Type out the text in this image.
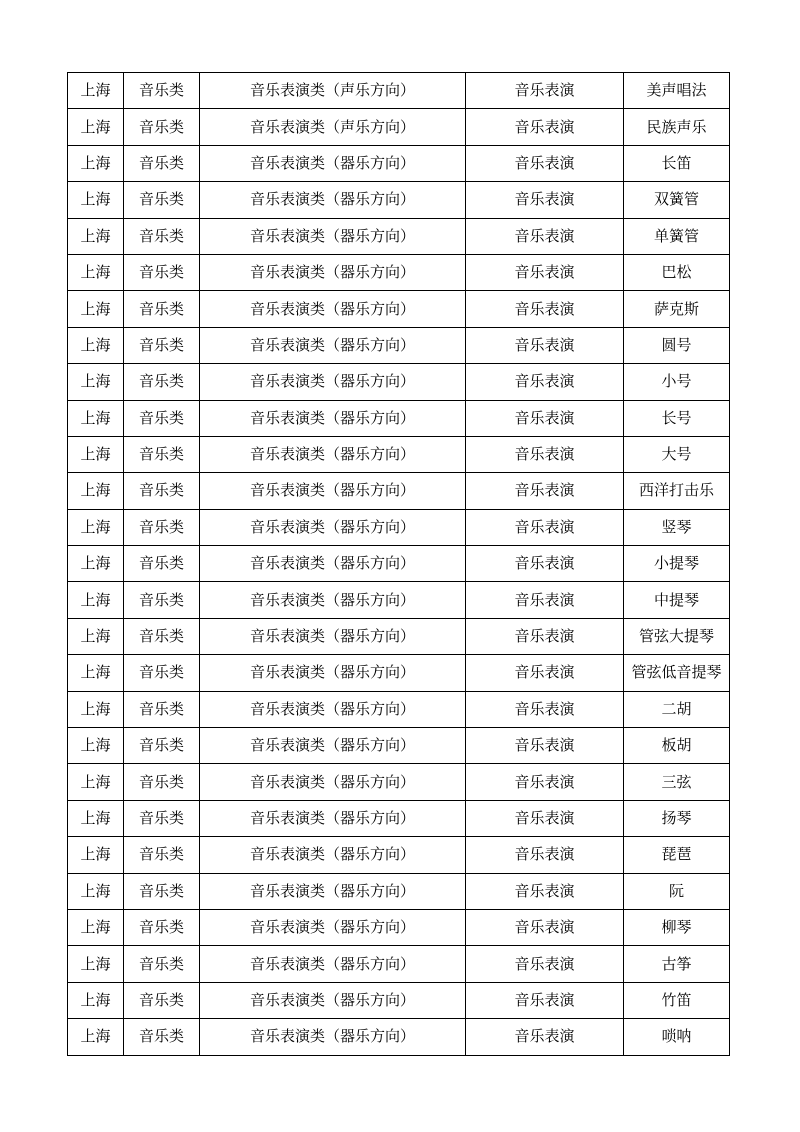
上海	音乐类	音乐表演类（声乐方向）	音乐表演	美声唱法
上海	音乐类	音乐表演类（声乐方向）	音乐表演	民族声乐
上海	音乐类	音乐表演类（器乐方向）	音乐表演	长笛
上海	音乐类	音乐表演类（器乐方向）	音乐表演	双簧管
上海	音乐类	音乐表演类（器乐方向）	音乐表演	单簧管
上海	音乐类	音乐表演类（器乐方向）	音乐表演	巴松
上海	音乐类	音乐表演类（器乐方向）	音乐表演	萨克斯
上海	音乐类	音乐表演类（器乐方向）	音乐表演	圆号
上海	音乐类	音乐表演类（器乐方向）	音乐表演	小号
上海	音乐类	音乐表演类（器乐方向）	音乐表演	长号
上海	音乐类	音乐表演类（器乐方向）	音乐表演	大号
上海	音乐类	音乐表演类（器乐方向）	音乐表演	西洋打击乐
上海	音乐类	音乐表演类（器乐方向）	音乐表演	竖琴
上海	音乐类	音乐表演类（器乐方向）	音乐表演	小提琴
上海	音乐类	音乐表演类（器乐方向）	音乐表演	中提琴
上海	音乐类	音乐表演类（器乐方向）	音乐表演	管弦大提琴
上海	音乐类	音乐表演类（器乐方向）	音乐表演	管弦低音提琴
上海	音乐类	音乐表演类（器乐方向）	音乐表演	二胡
上海	音乐类	音乐表演类（器乐方向）	音乐表演	板胡
上海	音乐类	音乐表演类（器乐方向）	音乐表演	三弦
上海	音乐类	音乐表演类（器乐方向）	音乐表演	扬琴
上海	音乐类	音乐表演类（器乐方向）	音乐表演	琵琶
上海	音乐类	音乐表演类（器乐方向）	音乐表演	阮
上海	音乐类	音乐表演类（器乐方向）	音乐表演	柳琴
上海	音乐类	音乐表演类（器乐方向）	音乐表演	古筝
上海	音乐类	音乐表演类（器乐方向）	音乐表演	竹笛
上海	音乐类	音乐表演类（器乐方向）	音乐表演	唢呐
